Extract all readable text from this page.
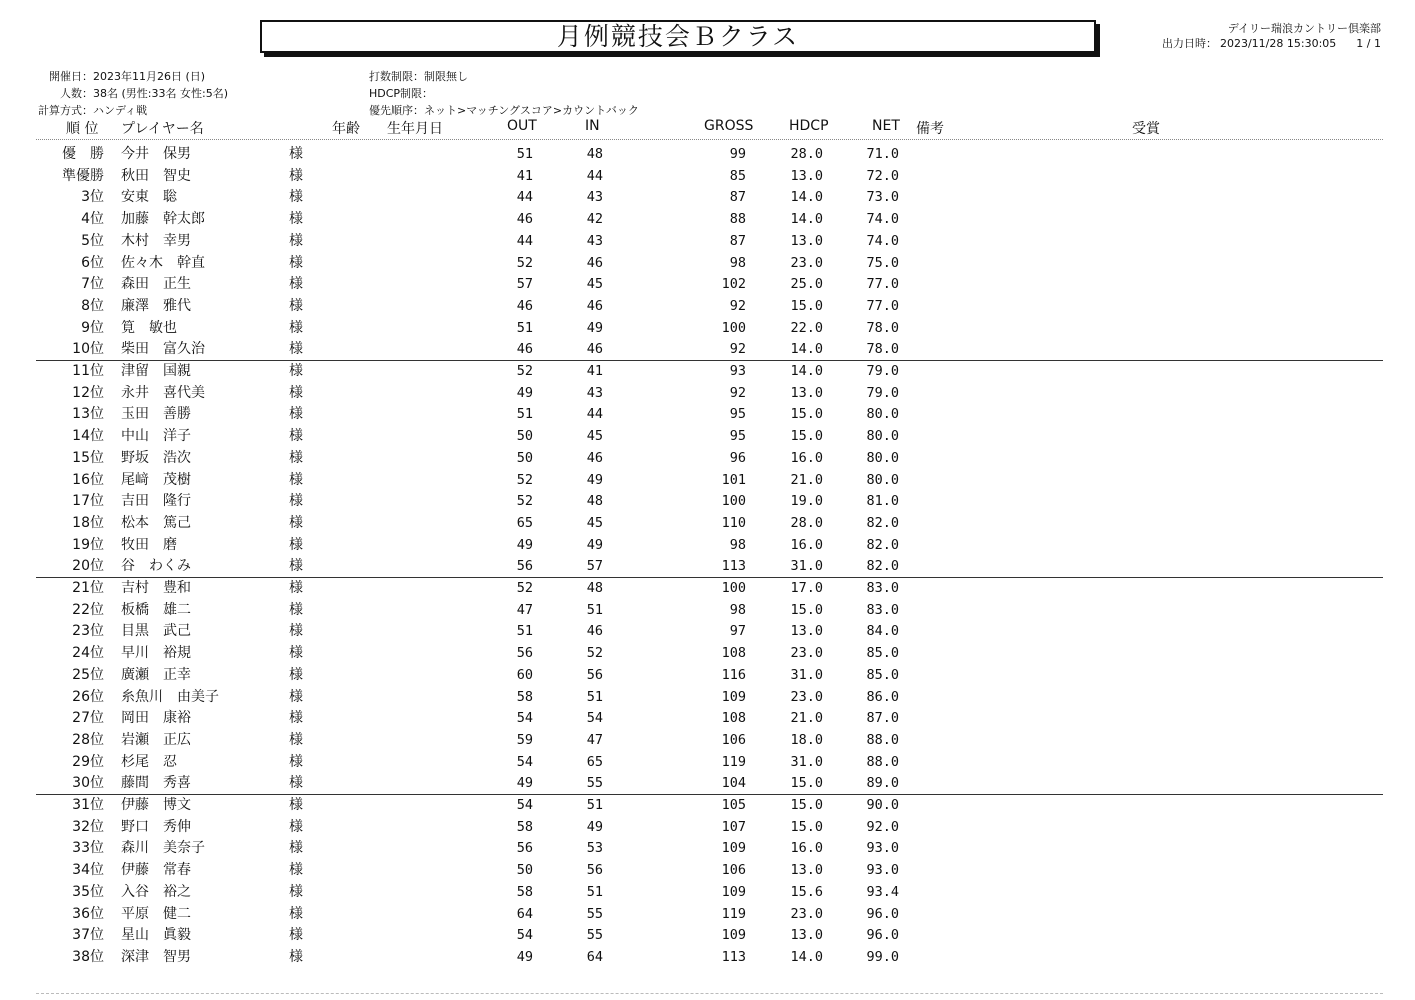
月例競技会Ｂクラス	デイリー瑞浪カントリー倶楽部
出力日時： 2023/11/28 15:30:05 1 / 1
開催日：2023年11月26日 (日)
人数：38名 (男性:33名 女性:5名)
計算方式：ハンディ戦
打数制限：制限無し
HDCP制限：
優先順序：ネット>マッチングスコア>カウントバック
順 位 プレイヤー名	年齢 生年月日	OUT	IN	GROSS	HDCP	NET 備考	受賞
優　勝 今井　保男	様	51	48	99	28.0	71.0
準優勝 秋田　智史	様	41	44	85	13.0	72.0
3位 安東　聡	様	44	43	87	14.0	73.0
4位 加藤　幹太郎	様	46	42	88	14.0	74.0
5位 木村　幸男	様	44	43	87	13.0	74.0
6位 佐々木　幹直	様	52	46	98	23.0	75.0
7位 森田　正生	様	57	45	102	25.0	77.0
8位 廉澤　雅代	様	46	46	92	15.0	77.0
9位 筧　敏也	様	51	49	100	22.0	78.0
10位 柴田　富久治	様	46	46	92	14.0	78.0
11位 津留　国親	様	52	41	93	14.0	79.0
12位 永井　喜代美	様	49	43	92	13.0	79.0
13位 玉田　善勝	様	51	44	95	15.0	80.0
14位 中山　洋子	様	50	45	95	15.0	80.0
15位 野坂　浩次	様	50	46	96	16.0	80.0
16位 尾﨑　茂樹	様	52	49	101	21.0	80.0
17位 吉田　隆行	様	52	48	100	19.0	81.0
18位 松本　篤己	様	65	45	110	28.0	82.0
19位 牧田　磨	様	49	49	98	16.0	82.0
20位 谷　わくみ	様	56	57	113	31.0	82.0
21位 吉村　豊和	様	52	48	100	17.0	83.0
22位 板橋　雄二	様	47	51	98	15.0	83.0
23位 目黒　武己	様	51	46	97	13.0	84.0
24位 早川　裕規	様	56	52	108	23.0	85.0
25位 廣瀬　正幸	様	60	56	116	31.0	85.0
26位 糸魚川　由美子	様	58	51	109	23.0	86.0
27位 岡田　康裕	様	54	54	108	21.0	87.0
28位 岩瀬　正広	様	59	47	106	18.0	88.0
29位 杉尾　忍	様	54	65	119	31.0	88.0
30位 藤間　秀喜	様	49	55	104	15.0	89.0
31位 伊藤　博文	様	54	51	105	15.0	90.0
32位 野口　秀伸	様	58	49	107	15.0	92.0
33位 森川　美奈子	様	56	53	109	16.0	93.0
34位 伊藤　常春	様	50	56	106	13.0	93.0
35位 入谷　裕之	様	58	51	109	15.6	93.4
36位 平原　健二	様	64	55	119	23.0	96.0
37位 星山　眞毅	様	54	55	109	13.0	96.0
38位 深津　智男	様	49	64	113	14.0	99.0
